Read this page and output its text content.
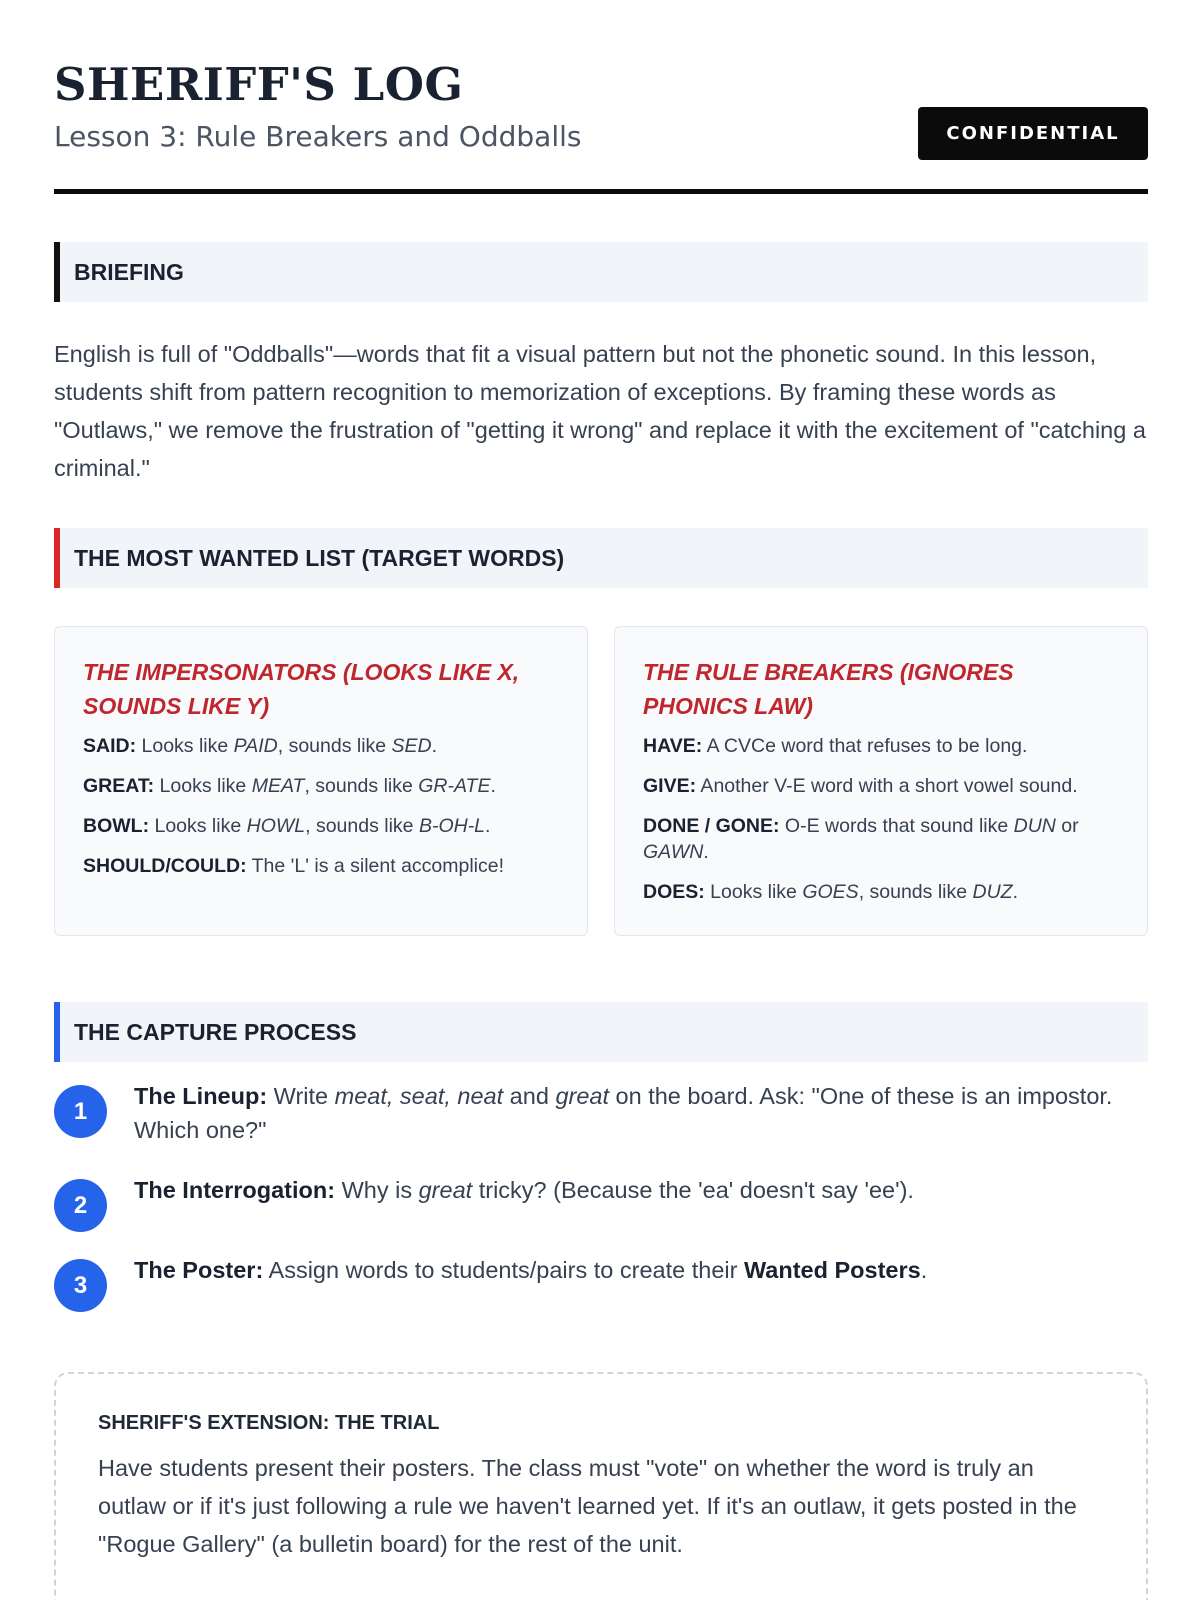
SHERIFF'S LOG
Lesson 3: Rule Breakers and Oddballs	CONFIDENTIAL
BRIEFING
English is full of "Oddballs"—words that fit a visual pattern but not the phonetic sound. In this lesson, students shift from pattern recognition to memorization of exceptions. By framing these words as "Outlaws," we remove the frustration of "getting it wrong" and replace it with the excitement of "catching a criminal."
THE MOST WANTED LIST (TARGET WORDS)
THE IMPERSONATORS (LOOKS LIKE X, SOUNDS LIKE Y)
SAID: Looks like PAID, sounds like SED.
GREAT: Looks like MEAT, sounds like GR-ATE.
BOWL: Looks like HOWL, sounds like B-OH-L.
SHOULD/COULD: The 'L' is a silent accomplice!
THE RULE BREAKERS (IGNORES PHONICS LAW)
HAVE: A CVCe word that refuses to be long.
GIVE: Another V-E word with a short vowel sound.
DONE / GONE: O-E words that sound like DUN or GAWN.
DOES: Looks like GOES, sounds like DUZ.
THE CAPTURE PROCESS
1
The Lineup: Write meat, seat, neat and great on the board. Ask: "One of these is an impostor. Which one?"
2
The Interrogation: Why is great tricky? (Because the 'ea' doesn't say 'ee').
3
The Poster: Assign words to students/pairs to create their Wanted Posters.
SHERIFF'S EXTENSION: THE TRIAL
Have students present their posters. The class must "vote" on whether the word is truly an outlaw or if it's just following a rule we haven't learned yet. If it's an outlaw, it gets posted in the "Rogue Gallery" (a bulletin board) for the rest of the unit.
